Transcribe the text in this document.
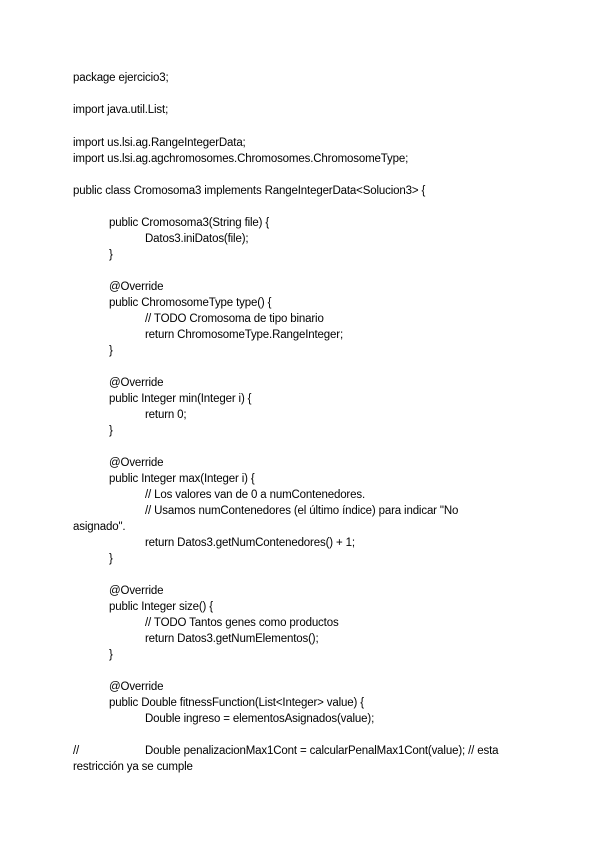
package ejercicio3;

import java.util.List;

import us.lsi.ag.RangeIntegerData;

import us.lsi.ag.agchromosomes.Chromosomes.ChromosomeType;

public class Cromosoma3 implements RangeIntegerData<Solucion3> {

public Cromosoma3(String file) {

Datos3.iniDatos(file);

}

@Override

public ChromosomeType type() {

// TODO Cromosoma de tipo binario

return ChromosomeType.RangeInteger;

}

@Override

public Integer min(Integer i) {

return 0;

}

@Override

public Integer max(Integer i) {

// Los valores van de 0 a numContenedores.

// Usamos numContenedores (el último índice) para indicar "No

asignado".

return Datos3.getNumContenedores() + 1;

}

@Override

public Integer size() {

// TODO Tantos genes como productos

return Datos3.getNumElementos();

}

@Override

public Double fitnessFunction(List<Integer> value) {

Double ingreso = elementosAsignados(value);

//	Double penalizacionMax1Cont = calcularPenalMax1Cont(value); // esta

restricción ya se cumple
